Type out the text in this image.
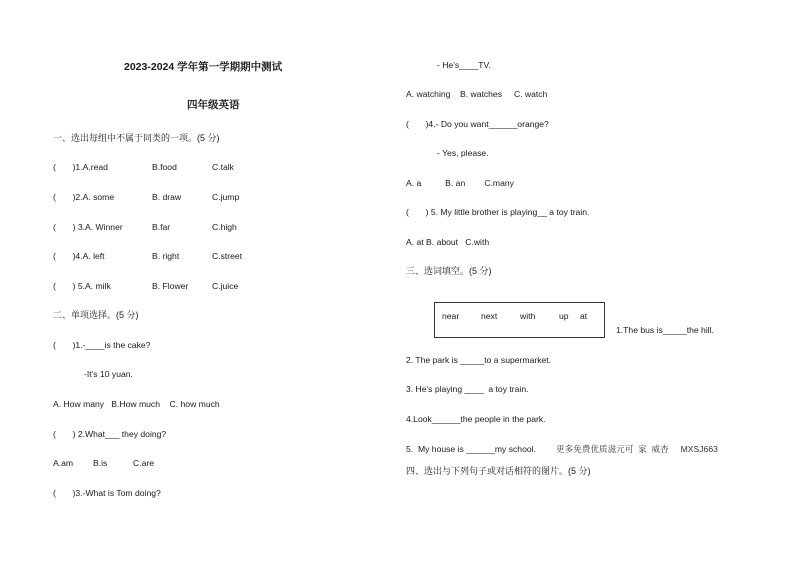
2023-2024 学年第一学期期中测试
四年级英语
一、选出每组中不属于同类的一项。(5 分)
(       )1.A.read	B.food	C.talk
(       )2.A. some	B. draw	C.jump
(       ) 3.A. Winner	B.far	C.high
(       )4.A. left	B. right	C.street
(       ) 5.A. milk	B. Flower	C.juice
二、单项选择。(5 分)
(       )1.-____is the cake?
-It's 10 yuan.
A. How many   B.How much    C. how much
(       ) 2.What___ they doing?
A.am B.is	C.are
(       )3.-What is Tom doing?
- He's____TV.
A. watching    B. watches     C. watch
(       )4.- Do you want______orange?
- Yes, please.
A. a          B. an        C.many
(       ) 5. My little brother is playing__ a toy train.
A. at B. about   C.with
三、选词填空。(5 分)
near	next	with	up at
1.The bus is_____the hill.
2. The park is _____to a supermarket.
3. He's playing ____  a toy train.
4.Look______the people in the park.
5.  My house is ______my school. 更多免费优质滋元可  家  威杏     MXSJ663
四、选出与下列句子或对话相符的图片。(5 分)
